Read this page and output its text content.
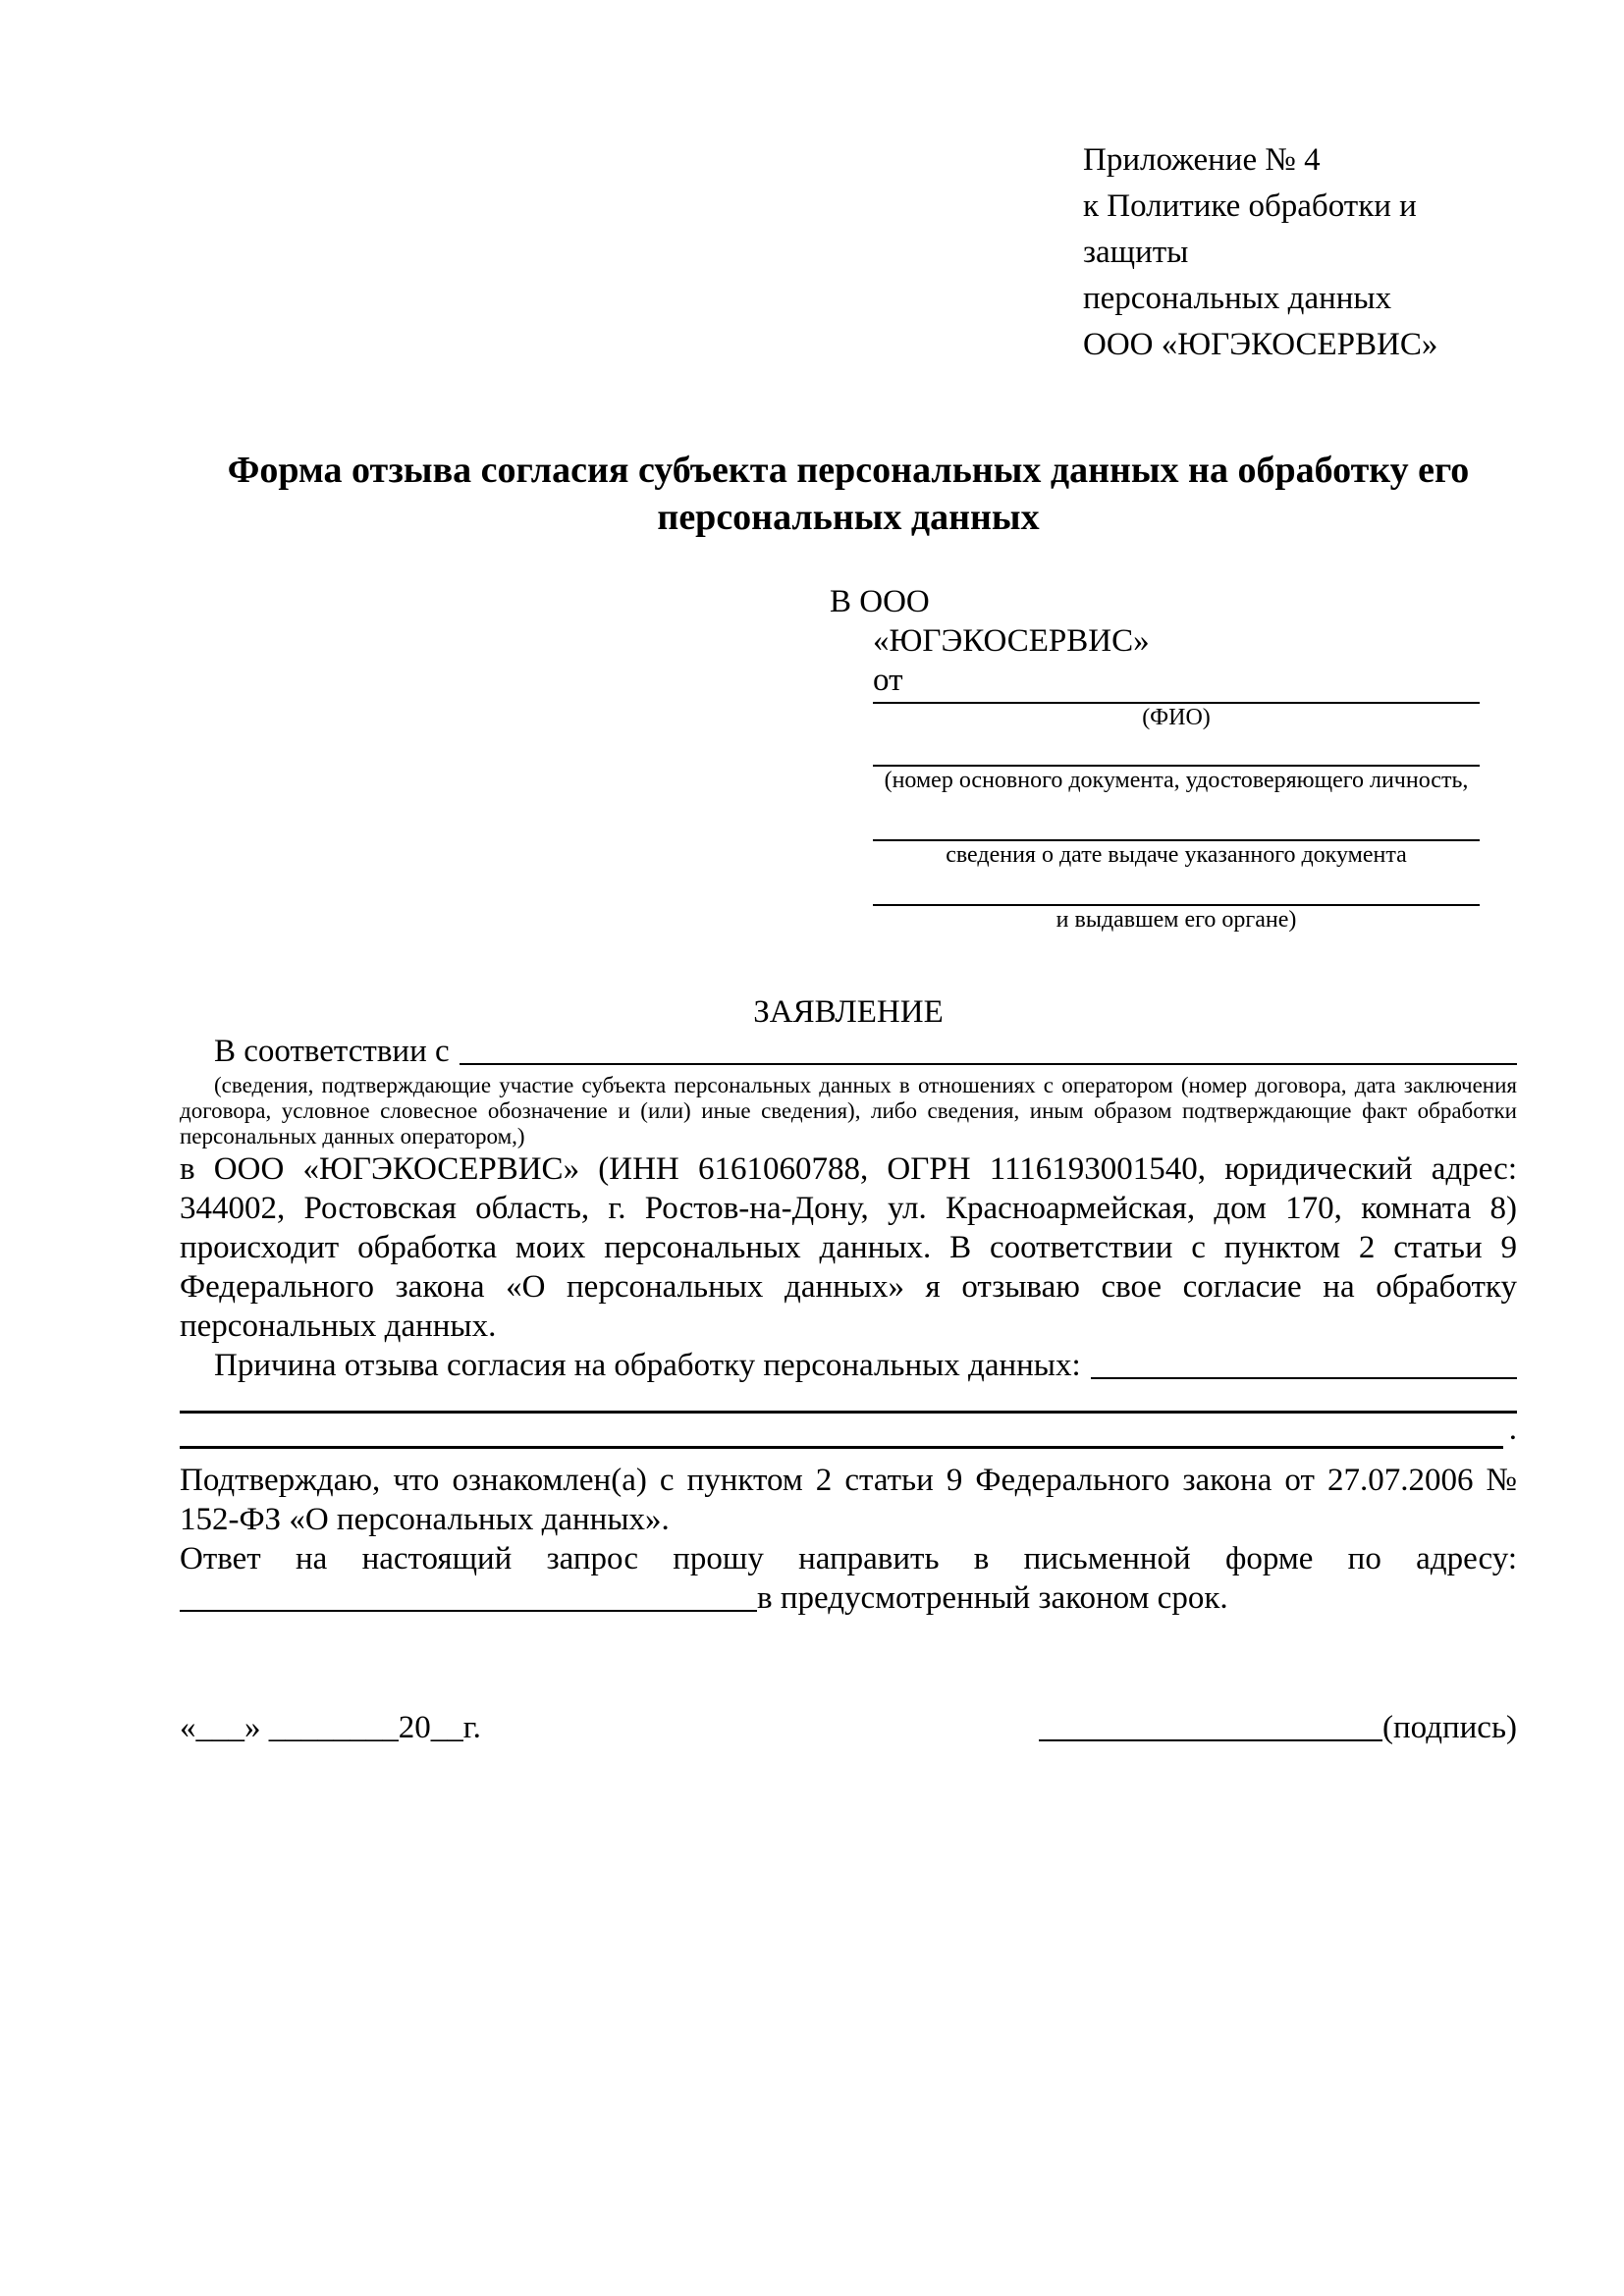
Приложение № 4
к Политике обработки и защиты
персональных данных
ООО «ЮГЭКОСЕРВИС»
Форма отзыва согласия субъекта персональных данных на обработку его персональных данных
В ООО
«ЮГЭКОСЕРВИС»
от
(ФИО)
(номер основного документа, удостоверяющего личность,
сведения о дате выдаче указанного документа
и выдавшем его органе)
ЗАЯВЛЕНИЕ
В соответствии с
(сведения, подтверждающие участие субъекта персональных данных в отношениях с оператором (номер договора, дата заключения договора, условное словесное обозначение и (или) иные сведения), либо сведения, иным образом подтверждающие факт обработки персональных данных оператором,)
в ООО «ЮГЭКОСЕРВИС» (ИНН 6161060788, ОГРН 1116193001540, юридический адрес: 344002, Ростовская область, г. Ростов-на-Дону, ул. Красноармейская, дом 170, комната 8) происходит обработка моих персональных данных. В соответствии с пунктом 2 статьи 9 Федерального закона «О персональных данных» я отзываю свое согласие на обработку персональных данных.
Причина отзыва согласия на обработку персональных данных:
.
Подтверждаю, что ознакомлен(а) с пунктом 2 статьи 9 Федерального закона от 27.07.2006 № 152-ФЗ «О персональных данных».
Ответ на настоящий запрос прошу направить в письменной форме по адресу:
в предусмотренный законом срок.
«___» ________20__г.	(подпись)
